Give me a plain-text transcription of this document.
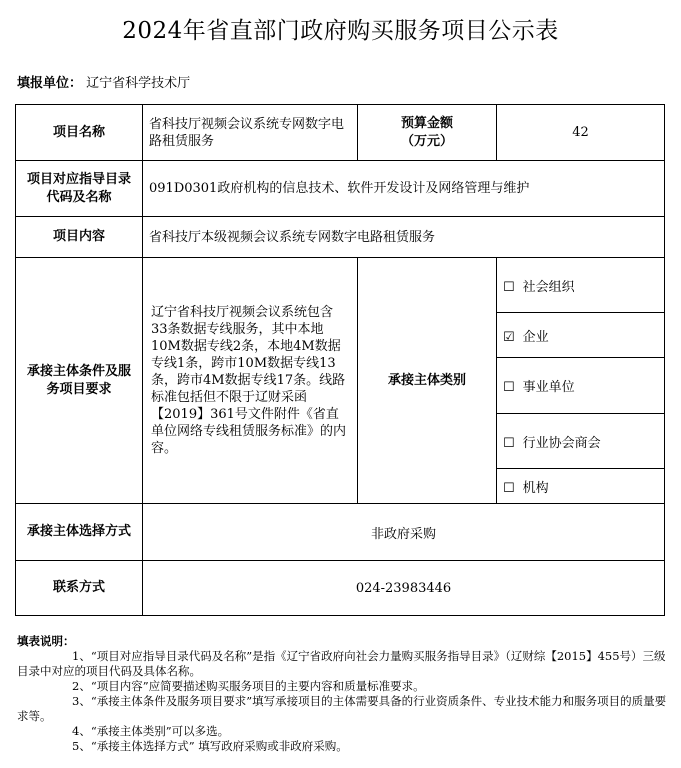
2024年省直部门政府购买服务项目公示表
填报单位： 辽宁省科学技术厅
项目名称	省科技厅视频会议系统专网数字电路租赁服务	预算金额
（万元）	42
项目对应指导目录代码及名称	091D0301政府机构的信息技术、软件开发设计及网络管理与维护		
项目内容	省科技厅本级视频会议系统专网数字电路租赁服务		
承接主体条件及服务项目要求	辽宁省科技厅视频会议系统包含33条数据专线服务，其中本地10M数据专线2条，本地4M数据专线1条，跨市10M数据专线13条，跨市4M数据专线17条。线路标准包括但不限于辽财采函【2019】361号文件附件《省直单位网络专线租赁服务标准》的内容。	承接主体类别	☐ 社会组织
			☑ 企业
			☐ 事业单位
			☐ 行业协会商会
			☐ 机构
承接主体选择方式	非政府采购		
联系方式	024-23983446		
填表说明：

1、“项目对应指导目录代码及名称”是指《辽宁省政府向社会力量购买服务指导目录》（辽财综【2015】455号）三级目录中对应的项目代码及具体名称。

2、“项目内容”应简要描述购买服务项目的主要内容和质量标准要求。

3、“承接主体条件及服务项目要求”填写承接项目的主体需要具备的行业资质条件、专业技术能力和服务项目的质量要求等。

4、“承接主体类别”可以多选。

5、“承接主体选择方式” 填写政府采购或非政府采购。
